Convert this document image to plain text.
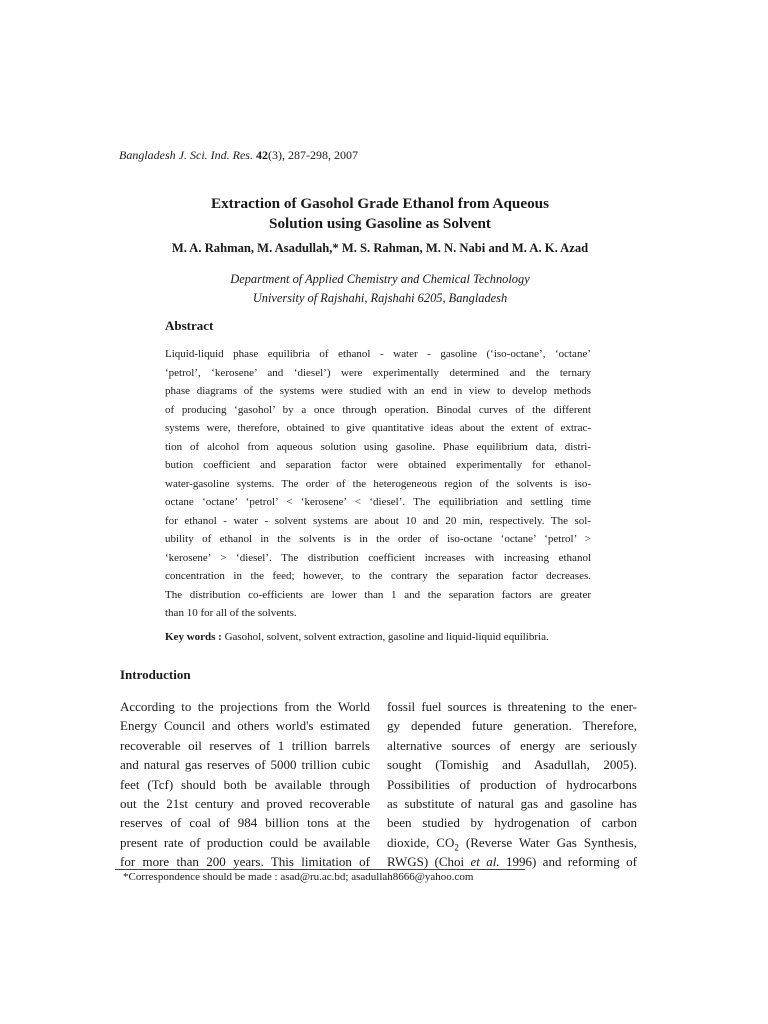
Bangladesh J. Sci. Ind. Res. 42(3), 287-298, 2007
Extraction of Gasohol Grade Ethanol from Aqueous
Solution using Gasoline as Solvent
M. A. Rahman, M. Asadullah,* M. S. Rahman, M. N. Nabi and M. A. K. Azad
Department of Applied Chemistry and Chemical Technology
University of Rajshahi, Rajshahi 6205, Bangladesh
Abstract
Liquid-liquid phase equilibria of ethanol - water - gasoline (‘iso-octane’, ‘octane’
‘petrol’, ‘kerosene’ and ‘diesel’) were experimentally determined and the ternary
phase diagrams of the systems were studied with an end in view to develop methods
of producing ‘gasohol’ by a once through operation. Binodal curves of the different
systems were, therefore, obtained to give quantitative ideas about the extent of extrac-
tion of alcohol from aqueous solution using gasoline. Phase equilibrium data, distri-
bution coefficient and separation factor were obtained experimentally for ethanol-
water-gasoline systems. The order of the heterogeneous region of the solvents is iso-
octane ‘octane’ ‘petrol’ < ‘kerosene’ < ‘diesel’. The equilibriation and settling time
for ethanol - water - solvent systems are about 10 and 20 min, respectively. The sol-
ubility of ethanol in the solvents is in the order of iso-octane ‘octane’ ‘petrol’ >
‘kerosene’ > ‘diesel’. The distribution coefficient increases with increasing ethanol
concentration in the feed; however, to the contrary the separation factor decreases.
The distribution co-efficients are lower than 1 and the separation factors are greater
than 10 for all of the solvents.
Key words : Gasohol, solvent, solvent extraction, gasoline and liquid-liquid equilibria.
Introduction
According to the projections from the World
Energy Council and others world's estimated
recoverable oil reserves of 1 trillion barrels
and natural gas reserves of 5000 trillion cubic
feet (Tcf) should both be available through
out the 21st century and proved recoverable
reserves of coal of 984 billion tons at the
present rate of production could be available
for more than 200 years. This limitation of
fossil fuel sources is threatening to the ener-
gy depended future generation. Therefore,
alternative sources of energy are seriously
sought (Tomishig and Asadullah, 2005).
Possibilities of production of hydrocarbons
as substitute of natural gas and gasoline has
been studied by hydrogenation of carbon
dioxide, $CO_2$ (Reverse Water Gas Synthesis,
RWGS) (Choi et al. 1996) and reforming of
*Correspondence should be made : asad@ru.ac.bd; asadullah8666@yahoo.com
